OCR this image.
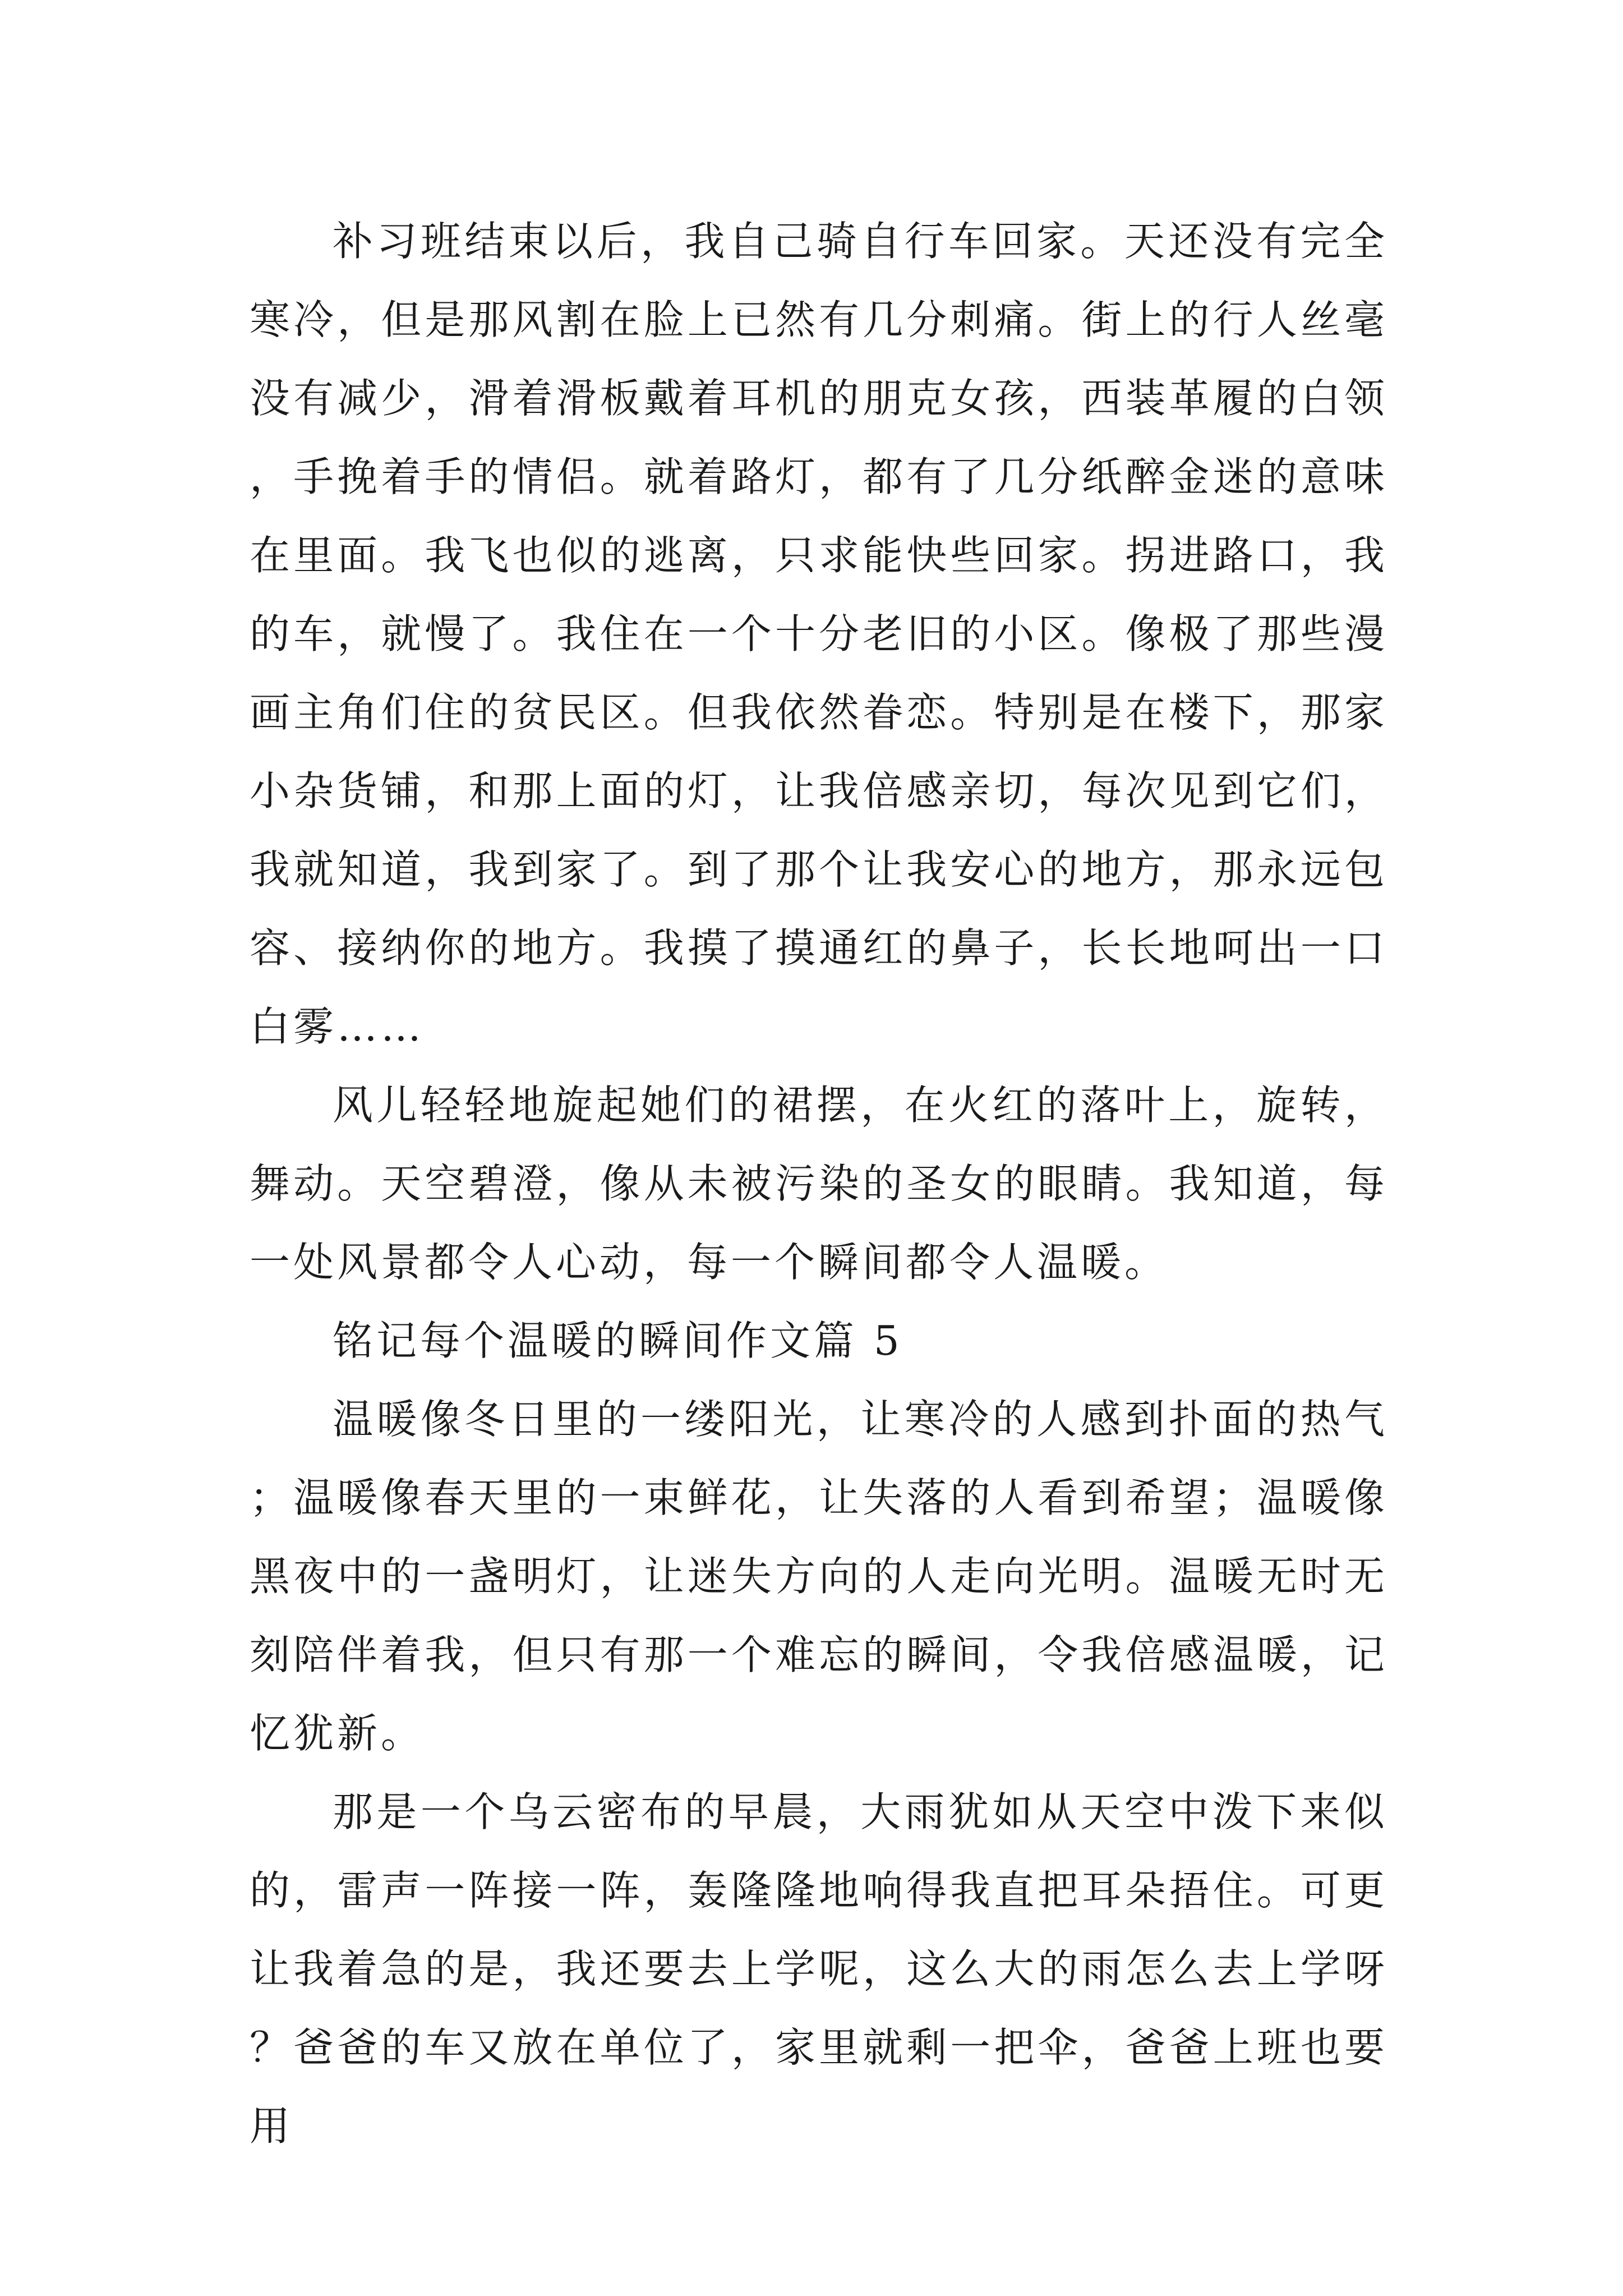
补习班结束以后，我自己骑自行车回家。天还没有完全寒冷，但是那风割在脸上已然有几分刺痛。街上的行人丝毫没有减少，滑着滑板戴着耳机的朋克女孩，西装革履的白领，手挽着手的情侣。就着路灯，都有了几分纸醉金迷的意味在里面。我飞也似的逃离，只求能快些回家。拐进路口，我的车，就慢了。我住在一个十分老旧的小区。像极了那些漫画主角们住的贫民区。但我依然眷恋。特别是在楼下，那家小杂货铺，和那上面的灯，让我倍感亲切，每次见到它们，我就知道，我到家了。到了那个让我安心的地方，那永远包容、接纳你的地方。我摸了摸通红的鼻子，长长地呵出一口白雾……

风儿轻轻地旋起她们的裙摆，在火红的落叶上，旋转，舞动。天空碧澄，像从未被污染的圣女的眼睛。我知道，每一处风景都令人心动，每一个瞬间都令人温暖。

铭记每个温暖的瞬间作文篇 5

温暖像冬日里的一缕阳光，让寒冷的人感到扑面的热气；温暖像春天里的一束鲜花，让失落的人看到希望；温暖像黑夜中的一盏明灯，让迷失方向的人走向光明。温暖无时无刻陪伴着我，但只有那一个难忘的瞬间，令我倍感温暖，记忆犹新。

那是一个乌云密布的早晨，大雨犹如从天空中泼下来似的，雷声一阵接一阵，轰隆隆地响得我直把耳朵捂住。可更让我着急的是，我还要去上学呢，这么大的雨怎么去上学呀？爸爸的车又放在单位了，家里就剩一把伞，爸爸上班也要用
